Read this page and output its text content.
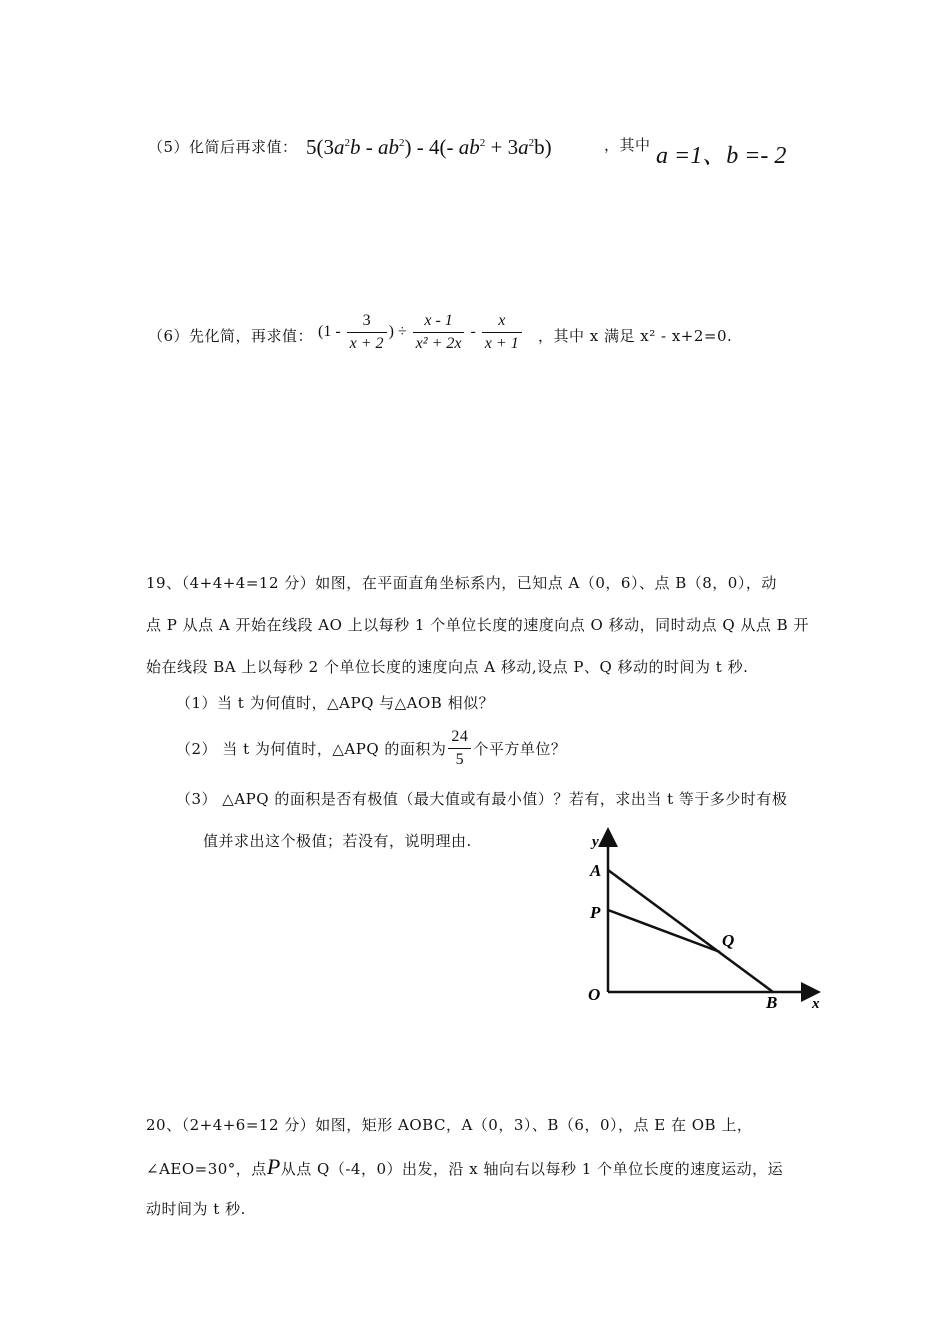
（5）化简后再求值： $5(3a^2b - ab^2) - 4(-$ $ab^2 + 3a^2b$)	，其中 a =1、b =- 2
（6）先化简，再求值： ($1 - \frac{3}{x + 2}$ ) ÷ $\frac{x - 1}{\text{x² + 2x}} - \frac{x}{x + 1}$ ，其中 x 满足 x² - x+2=0.
19、（4+4+4=12 分）如图，在平面直角坐标系内，已知点 A（0，6）、点 B（8，0），动
点 P 从点 A 开始在线段 AO 上以每秒 1 个单位长度的速度向点 O 移动，同时动点 Q 从点 B 开
始在线段 BA 上以每秒 2 个单位长度的速度向点 A 移动,设点 P、Q 移动的时间为 t 秒.
（1）当 t 为何值时，△APQ 与△AOB 相似？
（2） 当 t 为何值时，△APQ 的面积为 $\frac{24}{5}$ 个平方单位？
（3） △APQ 的面积是否有极值（最大值或有最小值）？若有，求出当 t 等于多少时有极
值并求出这个极值；若没有，说明理由.	y
A
P
Q
O	B x
20、（2+4+6=12 分）如图，矩形 AOBC，A（0，3）、B（6，0），点 E 在 OB 上，
∠AEO=30°，点P从点 Q（-4，0）出发，沿 x 轴向右以每秒 1 个单位长度的速度运动，运
动时间为 t 秒.
